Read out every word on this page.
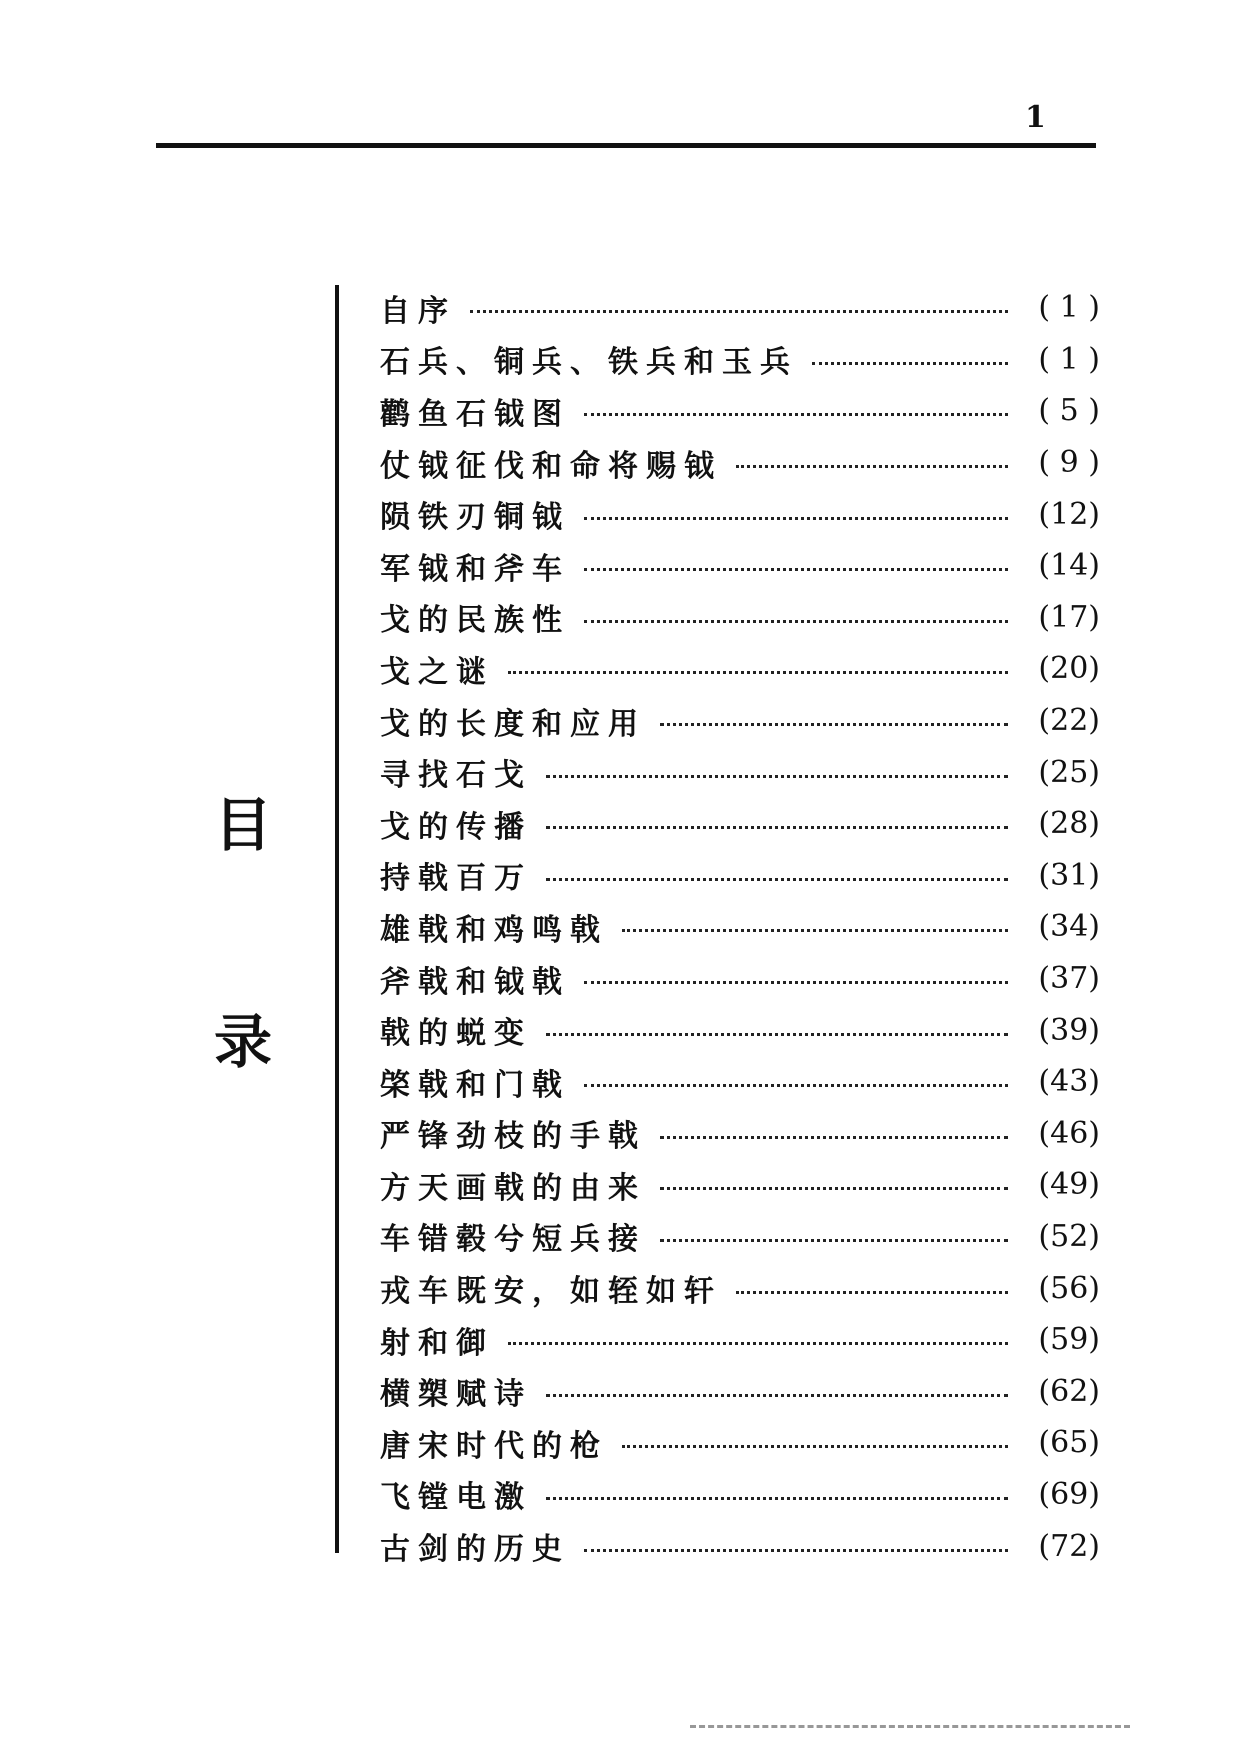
1
目
录
自序	( 1 )
石兵、铜兵、铁兵和玉兵	( 1 )
鹳鱼石钺图	( 5 )
仗钺征伐和命将赐钺	( 9 )
陨铁刃铜钺	(12)
军钺和斧车	(14)
戈的民族性	(17)
戈之谜	(20)
戈的长度和应用	(22)
寻找石戈	(25)
戈的传播	(28)
持戟百万	(31)
雄戟和鸡鸣戟	(34)
斧戟和钺戟	(37)
戟的蜕变	(39)
棨戟和门戟	(43)
严锋劲枝的手戟	(46)
方天画戟的由来	(49)
车错毂兮短兵接	(52)
戎车既安，如轾如轩	(56)
射和御	(59)
横槊赋诗	(62)
唐宋时代的枪	(65)
飞镗电激	(69)
古剑的历史	(72)
